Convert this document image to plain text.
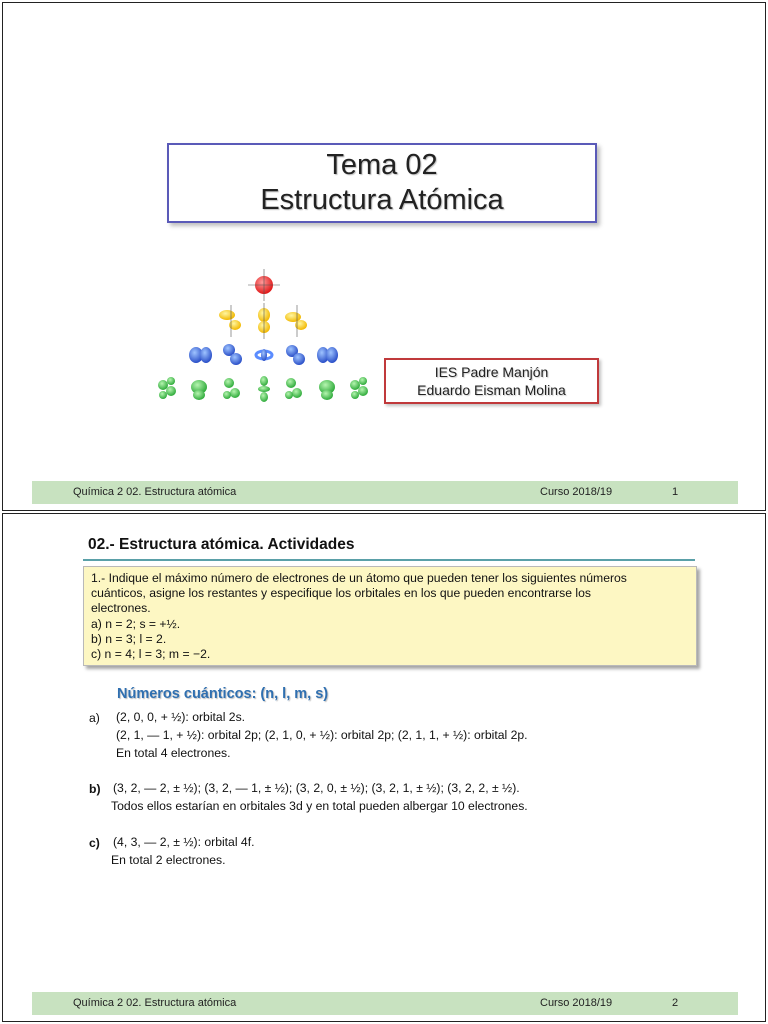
Tema 02
Estructura Atómica
IES Padre Manjón
Eduardo Eisman Molina
Química 2 02. Estructura atómica	Curso 2018/19	1
02.- Estructura atómica. Actividades
1.- Indique el máximo número de electrones de un átomo que pueden tener los siguientes números
cuánticos, asigne los restantes y especifique los orbitales en los que pueden encontrarse los
electrones.
a) n = 2; s = +½.
b) n = 3; l = 2.
c) n = 4; l = 3; m = −2.
Números cuánticos: (n, l, m, s)
a) (2, 0, 0, + ½): orbital 2s.
(2, 1, — 1, + ½): orbital 2p; (2, 1, 0, + ½): orbital 2p; (2, 1, 1, + ½): orbital 2p.
En total 4 electrones.
b) (3, 2, — 2, ± ½); (3, 2, — 1, ± ½); (3, 2, 0, ± ½); (3, 2, 1, ± ½); (3, 2, 2, ± ½).
Todos ellos estarían en orbitales 3d y en total pueden albergar 10 electrones.
c) (4, 3, — 2, ± ½): orbital 4f.
En total 2 electrones.
Química 2 02. Estructura atómica	Curso 2018/19	2
